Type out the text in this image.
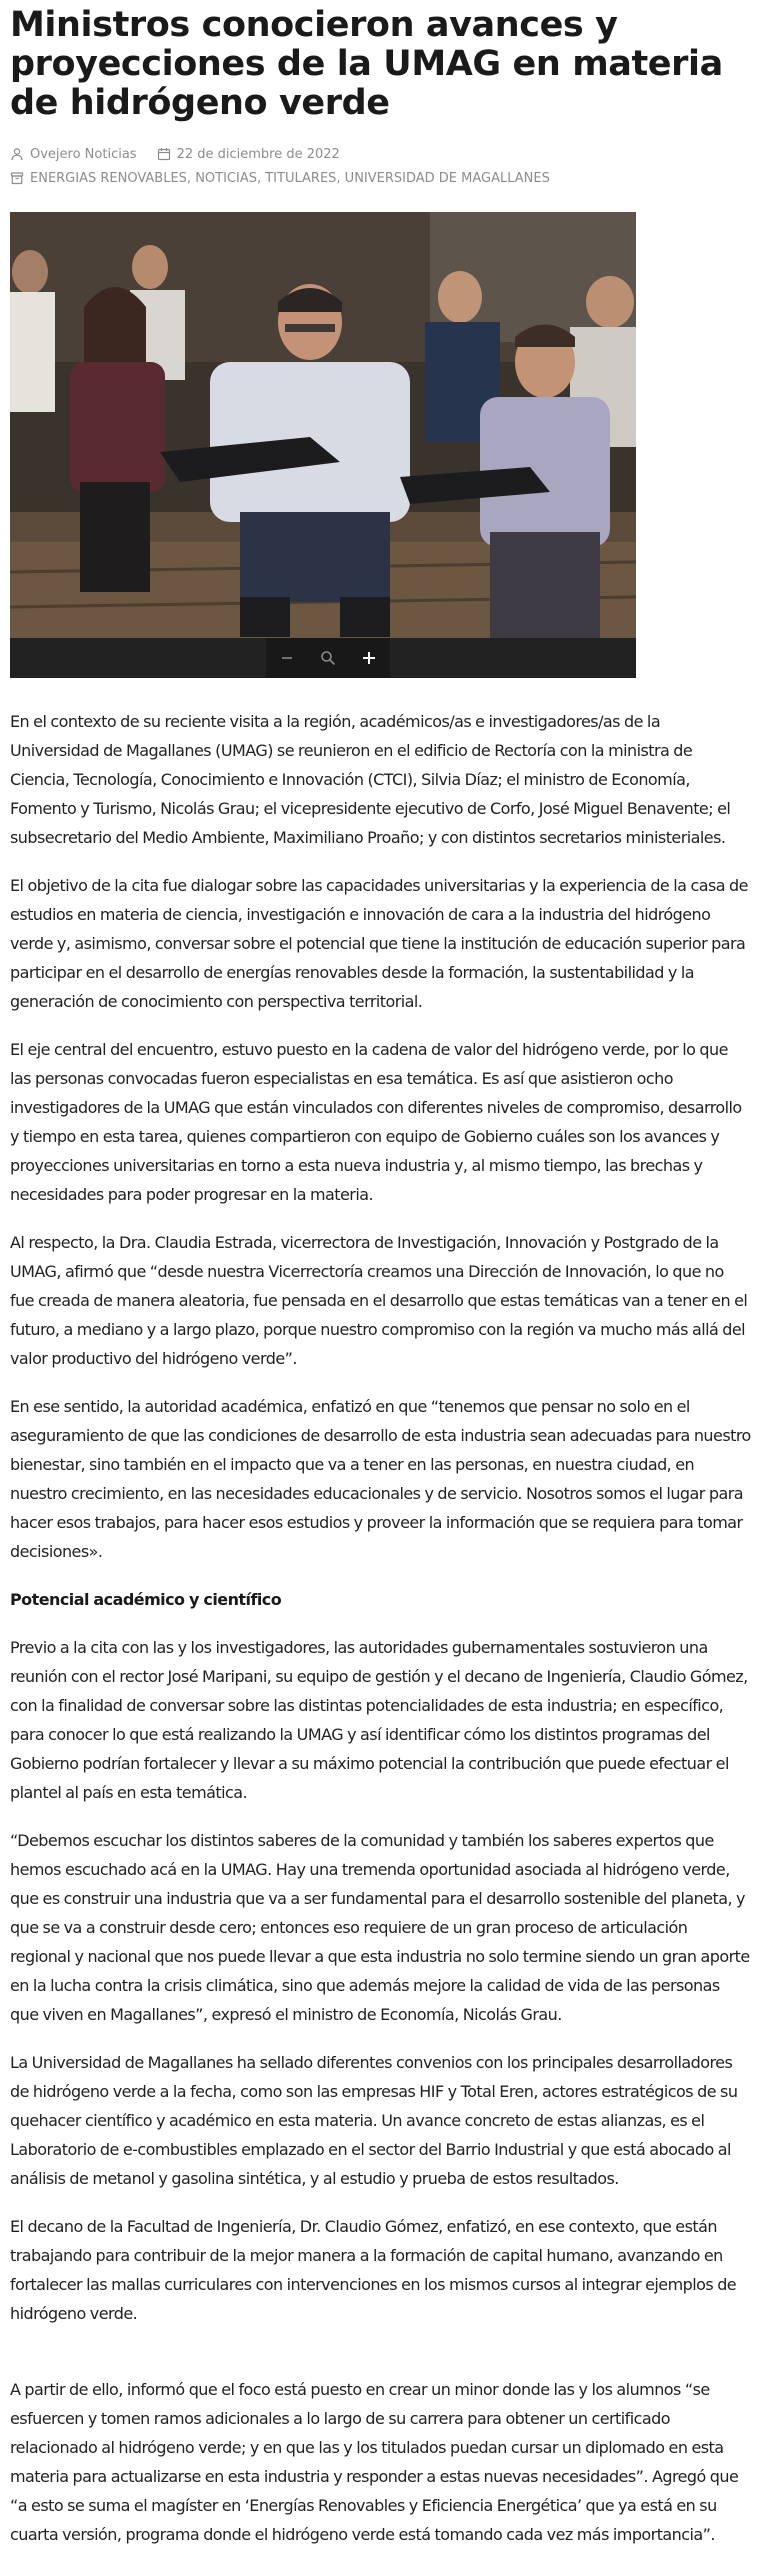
Ministros conocieron avances y proyecciones de la UMAG en materia de hidrógeno verde
Ovejero Noticias	22 de diciembre de 2022
ENERGIAS RENOVABLES, NOTICIAS, TITULARES, UNIVERSIDAD DE MAGALLANES

En el contexto de su reciente visita a la región, académicos/as e investigadores/as de la Universidad de Magallanes (UMAG) se reunieron en el edificio de Rectoría con la ministra de Ciencia, Tecnología, Conocimiento e Innovación (CTCI), Silvia Díaz; el ministro de Economía, Fomento y Turismo, Nicolás Grau; el vicepresidente ejecutivo de Corfo, José Miguel Benavente; el subsecretario del Medio Ambiente, Maximiliano Proaño; y con distintos secretarios ministeriales.

El objetivo de la cita fue dialogar sobre las capacidades universitarias y la experiencia de la casa de estudios en materia de ciencia, investigación e innovación de cara a la industria del hidrógeno verde y, asimismo, conversar sobre el potencial que tiene la institución de educación superior para participar en el desarrollo de energías renovables desde la formación, la sustentabilidad y la generación de conocimiento con perspectiva territorial.

El eje central del encuentro, estuvo puesto en la cadena de valor del hidrógeno verde, por lo que las personas convocadas fueron especialistas en esa temática. Es así que asistieron ocho investigadores de la UMAG que están vinculados con diferentes niveles de compromiso, desarrollo y tiempo en esta tarea, quienes compartieron con equipo de Gobierno cuáles son los avances y proyecciones universitarias en torno a esta nueva industria y, al mismo tiempo, las brechas y necesidades para poder progresar en la materia.

Al respecto, la Dra. Claudia Estrada, vicerrectora de Investigación, Innovación y Postgrado de la UMAG, afirmó que “desde nuestra Vicerrectoría creamos una Dirección de Innovación, lo que no fue creada de manera aleatoria, fue pensada en el desarrollo que estas temáticas van a tener en el futuro, a mediano y a largo plazo, porque nuestro compromiso con la región va mucho más allá del valor productivo del hidrógeno verde”.

En ese sentido, la autoridad académica, enfatizó en que “tenemos que pensar no solo en el aseguramiento de que las condiciones de desarrollo de esta industria sean adecuadas para nuestro bienestar, sino también en el impacto que va a tener en las personas, en nuestra ciudad, en nuestro crecimiento, en las necesidades educacionales y de servicio. Nosotros somos el lugar para hacer esos trabajos, para hacer esos estudios y proveer la información que se requiera para tomar decisiones».

Potencial académico y científico

Previo a la cita con las y los investigadores, las autoridades gubernamentales sostuvieron una reunión con el rector José Maripani, su equipo de gestión y el decano de Ingeniería, Claudio Gómez, con la finalidad de conversar sobre las distintas potencialidades de esta industria; en específico, para conocer lo que está realizando la UMAG y así identificar cómo los distintos programas del Gobierno podrían fortalecer y llevar a su máximo potencial la contribución que puede efectuar el plantel al país en esta temática.

“Debemos escuchar los distintos saberes de la comunidad y también los saberes expertos que hemos escuchado acá en la UMAG. Hay una tremenda oportunidad asociada al hidrógeno verde, que es construir una industria que va a ser fundamental para el desarrollo sostenible del planeta, y que se va a construir desde cero; entonces eso requiere de un gran proceso de articulación regional y nacional que nos puede llevar a que esta industria no solo termine siendo un gran aporte en la lucha contra la crisis climática, sino que además mejore la calidad de vida de las personas que viven en Magallanes”, expresó el ministro de Economía, Nicolás Grau.

La Universidad de Magallanes ha sellado diferentes convenios con los principales desarrolladores de hidrógeno verde a la fecha, como son las empresas HIF y Total Eren, actores estratégicos de su quehacer científico y académico en esta materia. Un avance concreto de estas alianzas, es el Laboratorio de e-combustibles emplazado en el sector del Barrio Industrial y que está abocado al análisis de metanol y gasolina sintética, y al estudio y prueba de estos resultados.

El decano de la Facultad de Ingeniería, Dr. Claudio Gómez, enfatizó, en ese contexto, que están trabajando para contribuir de la mejor manera a la formación de capital humano, avanzando en fortalecer las mallas curriculares con intervenciones en los mismos cursos al integrar ejemplos de hidrógeno verde.

A partir de ello, informó que el foco está puesto en crear un minor donde las y los alumnos “se esfuercen y tomen ramos adicionales a lo largo de su carrera para obtener un certificado relacionado al hidrógeno verde; y en que las y los titulados puedan cursar un diplomado en esta materia para actualizarse en esta industria y responder a estas nuevas necesidades”. Agregó que “a esto se suma el magíster en ‘Energías Renovables y Eficiencia Energética’ que ya está en su cuarta versión, programa donde el hidrógeno verde está tomando cada vez más importancia”.
